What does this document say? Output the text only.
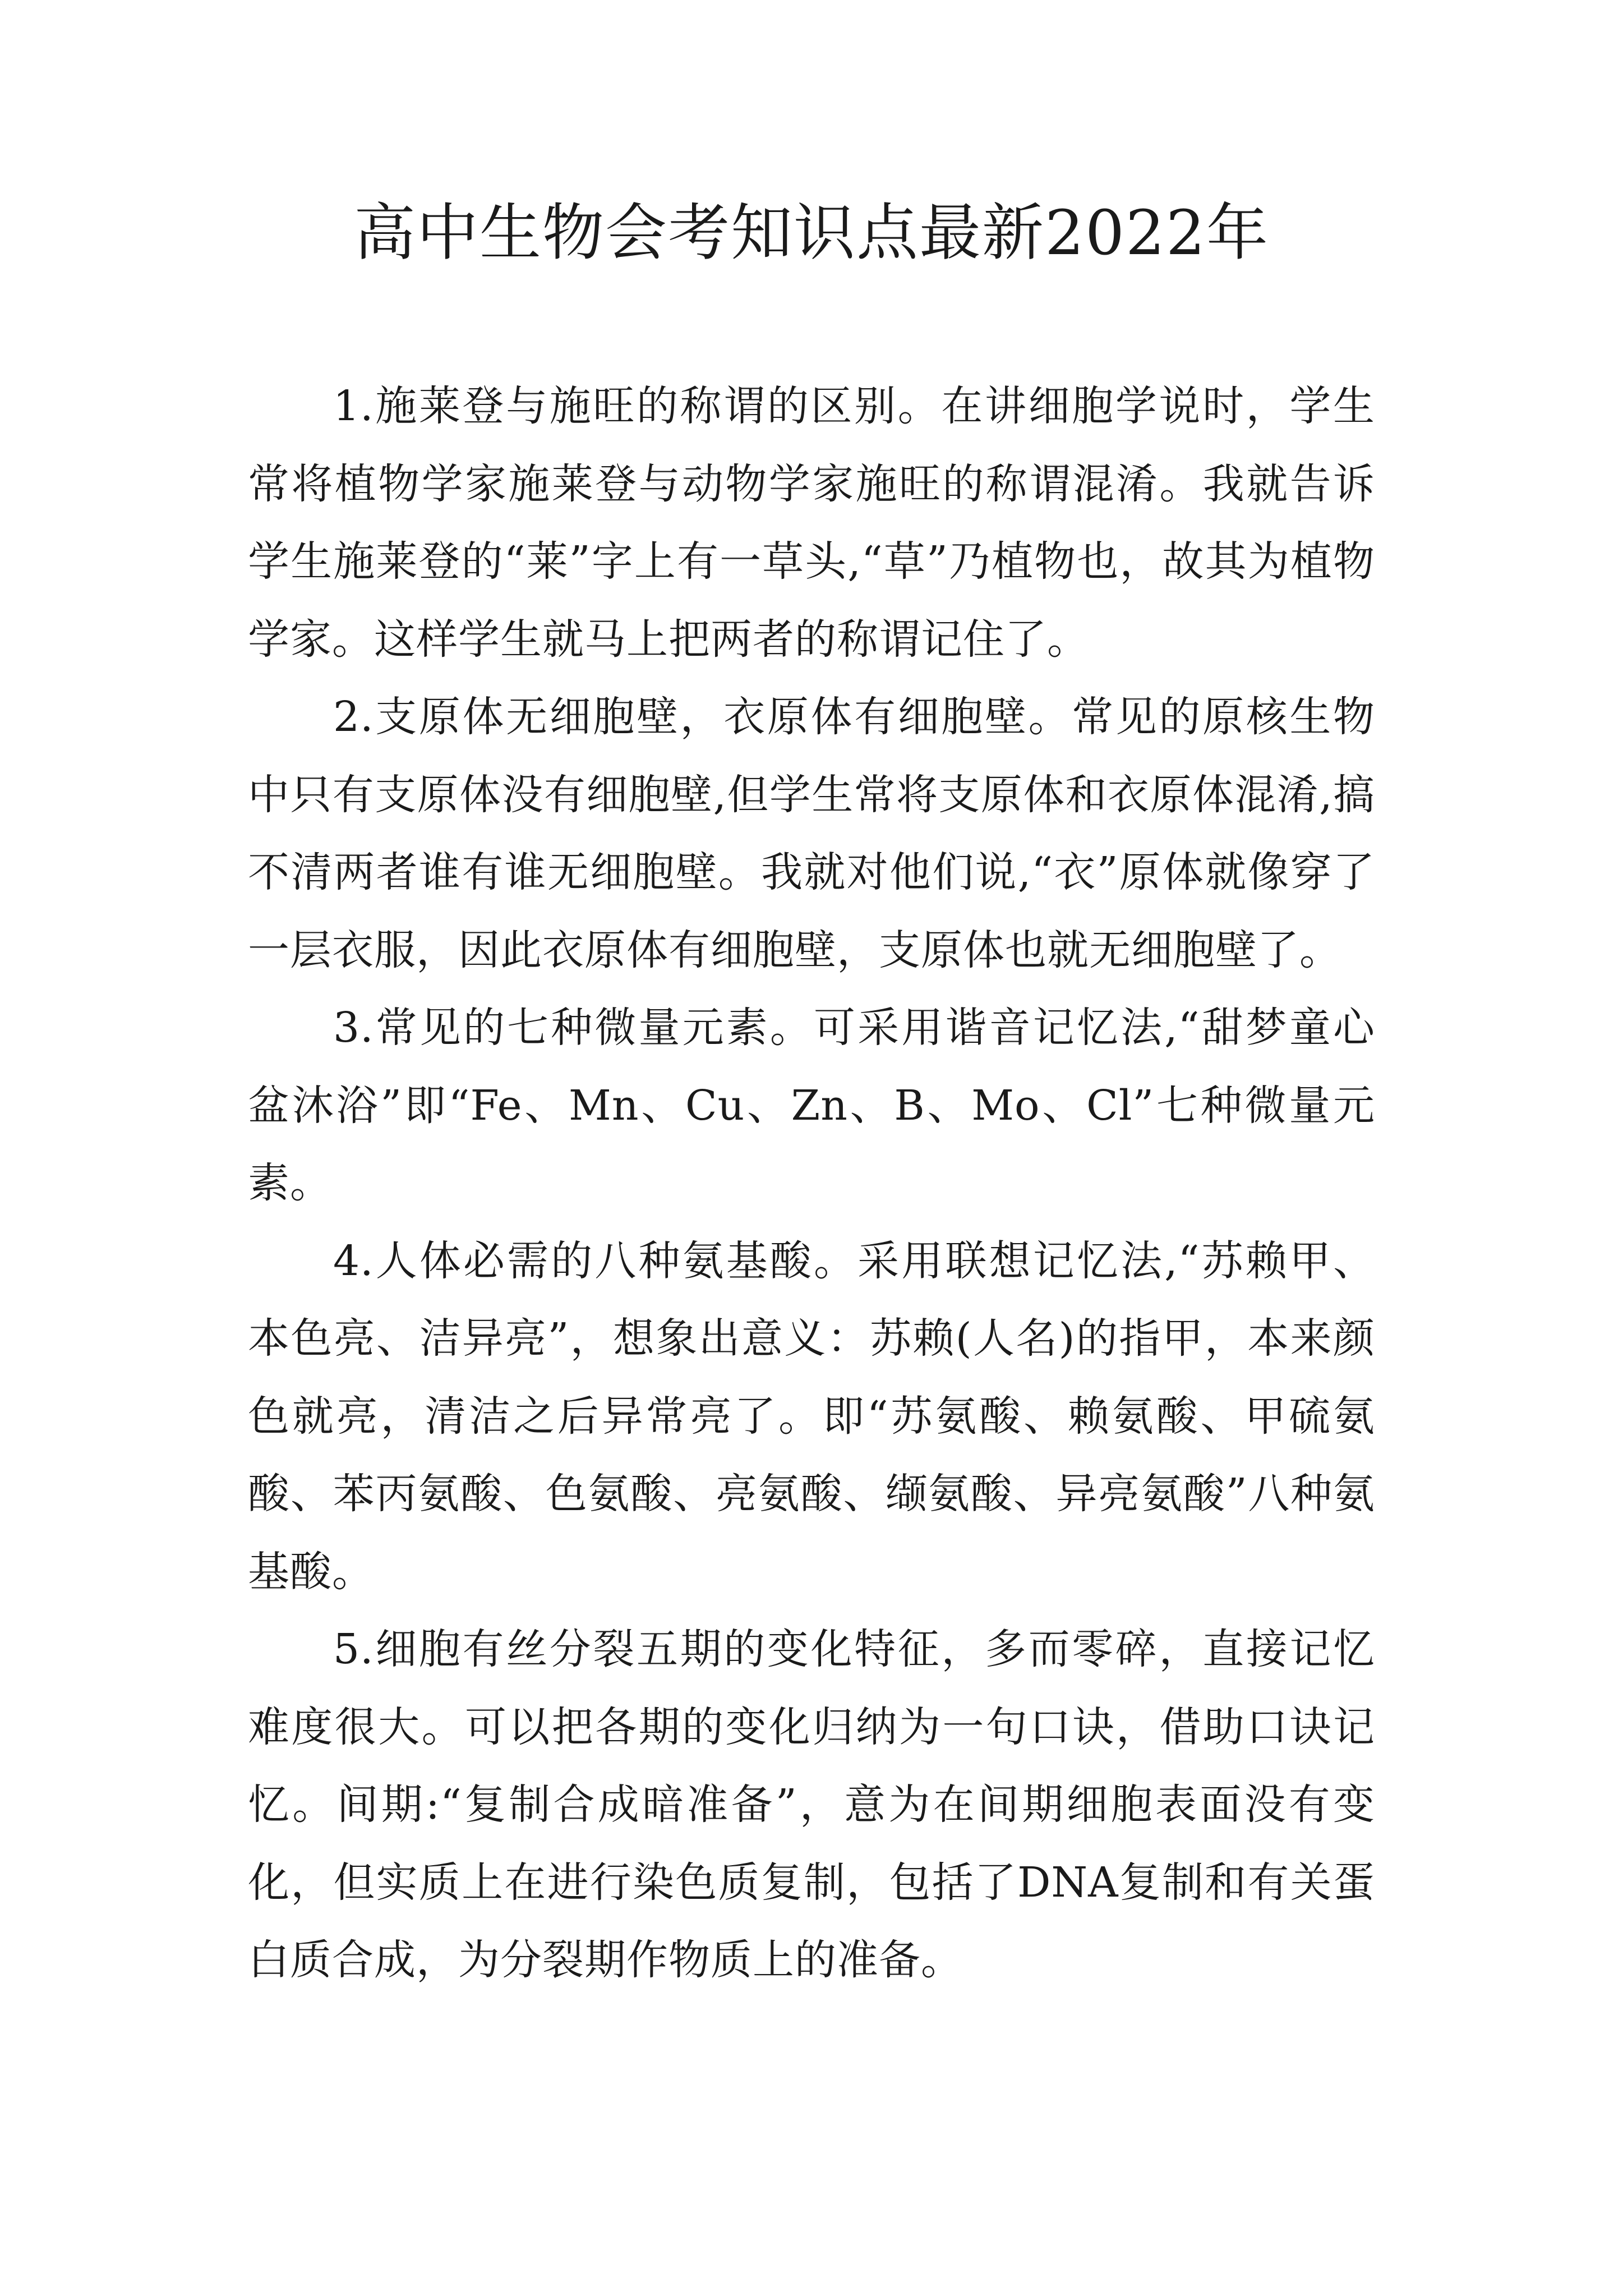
高中生物会考知识点最新2022年

1.施莱登与施旺的称谓的区别。在讲细胞学说时，学生常将植物学家施莱登与动物学家施旺的称谓混淆。我就告诉学生施莱登的“莱”字上有一草头,“草”乃植物也，故其为植物学家。这样学生就马上把两者的称谓记住了。

2.支原体无细胞壁，衣原体有细胞壁。常见的原核生物中只有支原体没有细胞壁,但学生常将支原体和衣原体混淆,搞不清两者谁有谁无细胞壁。我就对他们说,“衣”原体就像穿了一层衣服，因此衣原体有细胞壁，支原体也就无细胞壁了。

3.常见的七种微量元素。可采用谐音记忆法,“甜梦童心盆沐浴”即“Fe、Mn、Cu、Zn、B、Mo、Cl”七种微量元素。

4.人体必需的八种氨基酸。采用联想记忆法,“苏赖甲、本色亮、洁异亮”，想象出意义：苏赖(人名)的指甲，本来颜色就亮，清洁之后异常亮了。即“苏氨酸、赖氨酸、甲硫氨酸、苯丙氨酸、色氨酸、亮氨酸、缬氨酸、异亮氨酸”八种氨基酸。

5.细胞有丝分裂五期的变化特征，多而零碎，直接记忆难度很大。可以把各期的变化归纳为一句口诀，借助口诀记忆。间期:“复制合成暗准备”，意为在间期细胞表面没有变化，但实质上在进行染色质复制，包括了DNA复制和有关蛋白质合成，为分裂期作物质上的准备。
